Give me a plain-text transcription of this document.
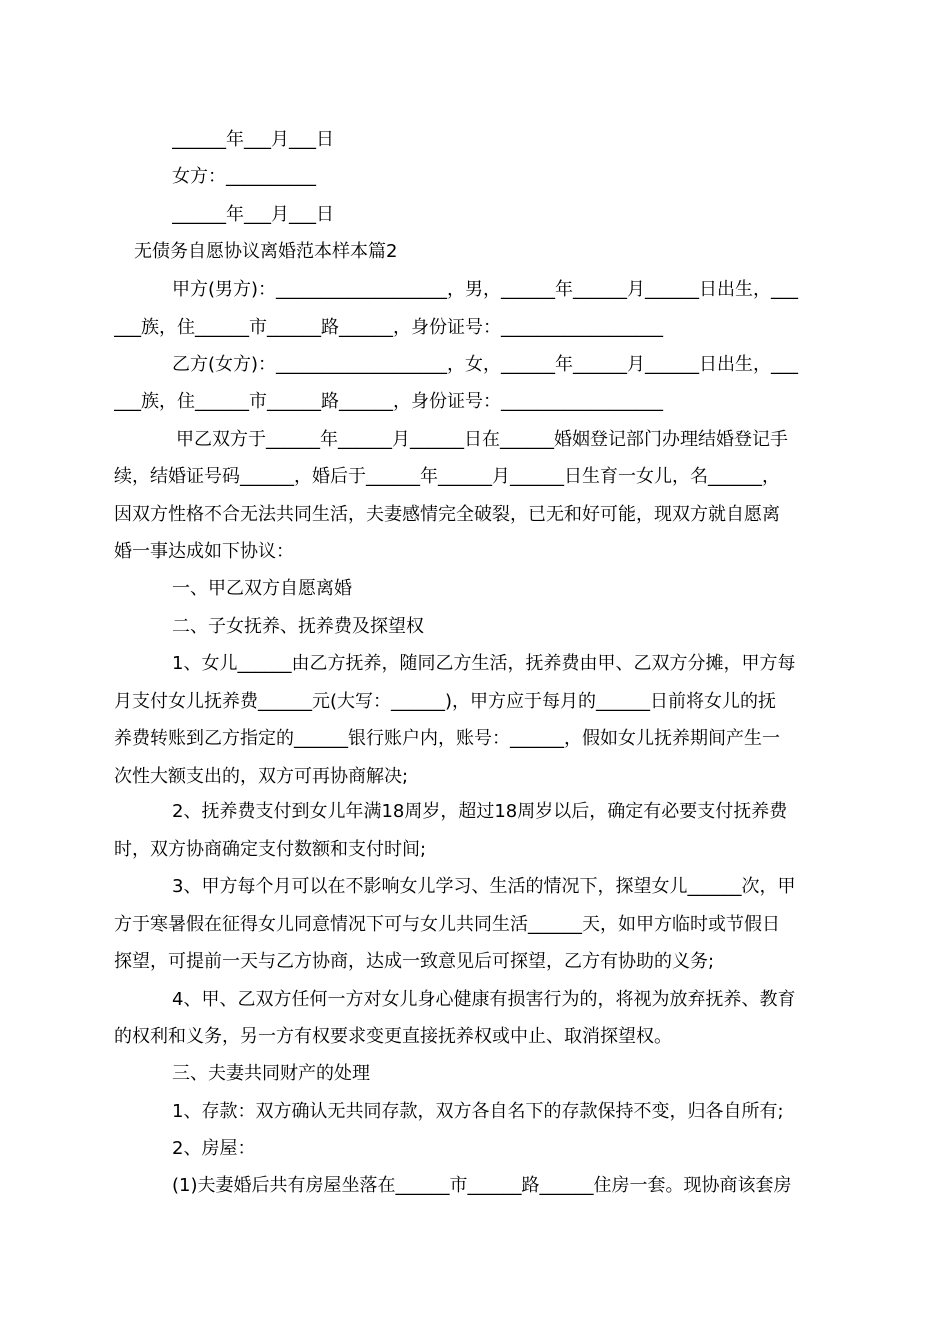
______年___月___日
女方：__________
______年___月___日
无债务自愿协议离婚范本样本篇2
甲方(男方)：___________________，男，______年______月______日出生，___
___族，住______市______路______，身份证号：__________________
乙方(女方)：___________________，女，______年______月______日出生，___
___族，住______市______路______，身份证号：__________________
甲乙双方于______年______月______日在______婚姻登记部门办理结婚登记手
续，结婚证号码______，婚后于______年______月______日生育一女儿，名______，
因双方性格不合无法共同生活，夫妻感情完全破裂，已无和好可能，现双方就自愿离
婚一事达成如下协议：
一、甲乙双方自愿离婚
二、子女抚养、抚养费及探望权
1、女儿______由乙方抚养，随同乙方生活，抚养费由甲、乙双方分摊，甲方每
月支付女儿抚养费______元(大写：______)，甲方应于每月的______日前将女儿的抚
养费转账到乙方指定的______银行账户内，账号：______，假如女儿抚养期间产生一
次性大额支出的，双方可再协商解决;
2、抚养费支付到女儿年满18周岁，超过18周岁以后，确定有必要支付抚养费
时，双方协商确定支付数额和支付时间;
3、甲方每个月可以在不影响女儿学习、生活的情况下，探望女儿______次，甲
方于寒暑假在征得女儿同意情况下可与女儿共同生活______天，如甲方临时或节假日
探望，可提前一天与乙方协商，达成一致意见后可探望，乙方有协助的义务;
4、甲、乙双方任何一方对女儿身心健康有损害行为的，将视为放弃抚养、教育
的权利和义务，另一方有权要求变更直接抚养权或中止、取消探望权。
三、夫妻共同财产的处理
1、存款：双方确认无共同存款，双方各自名下的存款保持不变，归各自所有;
2、房屋：
(1)夫妻婚后共有房屋坐落在______市______路______住房一套。现协商该套房
